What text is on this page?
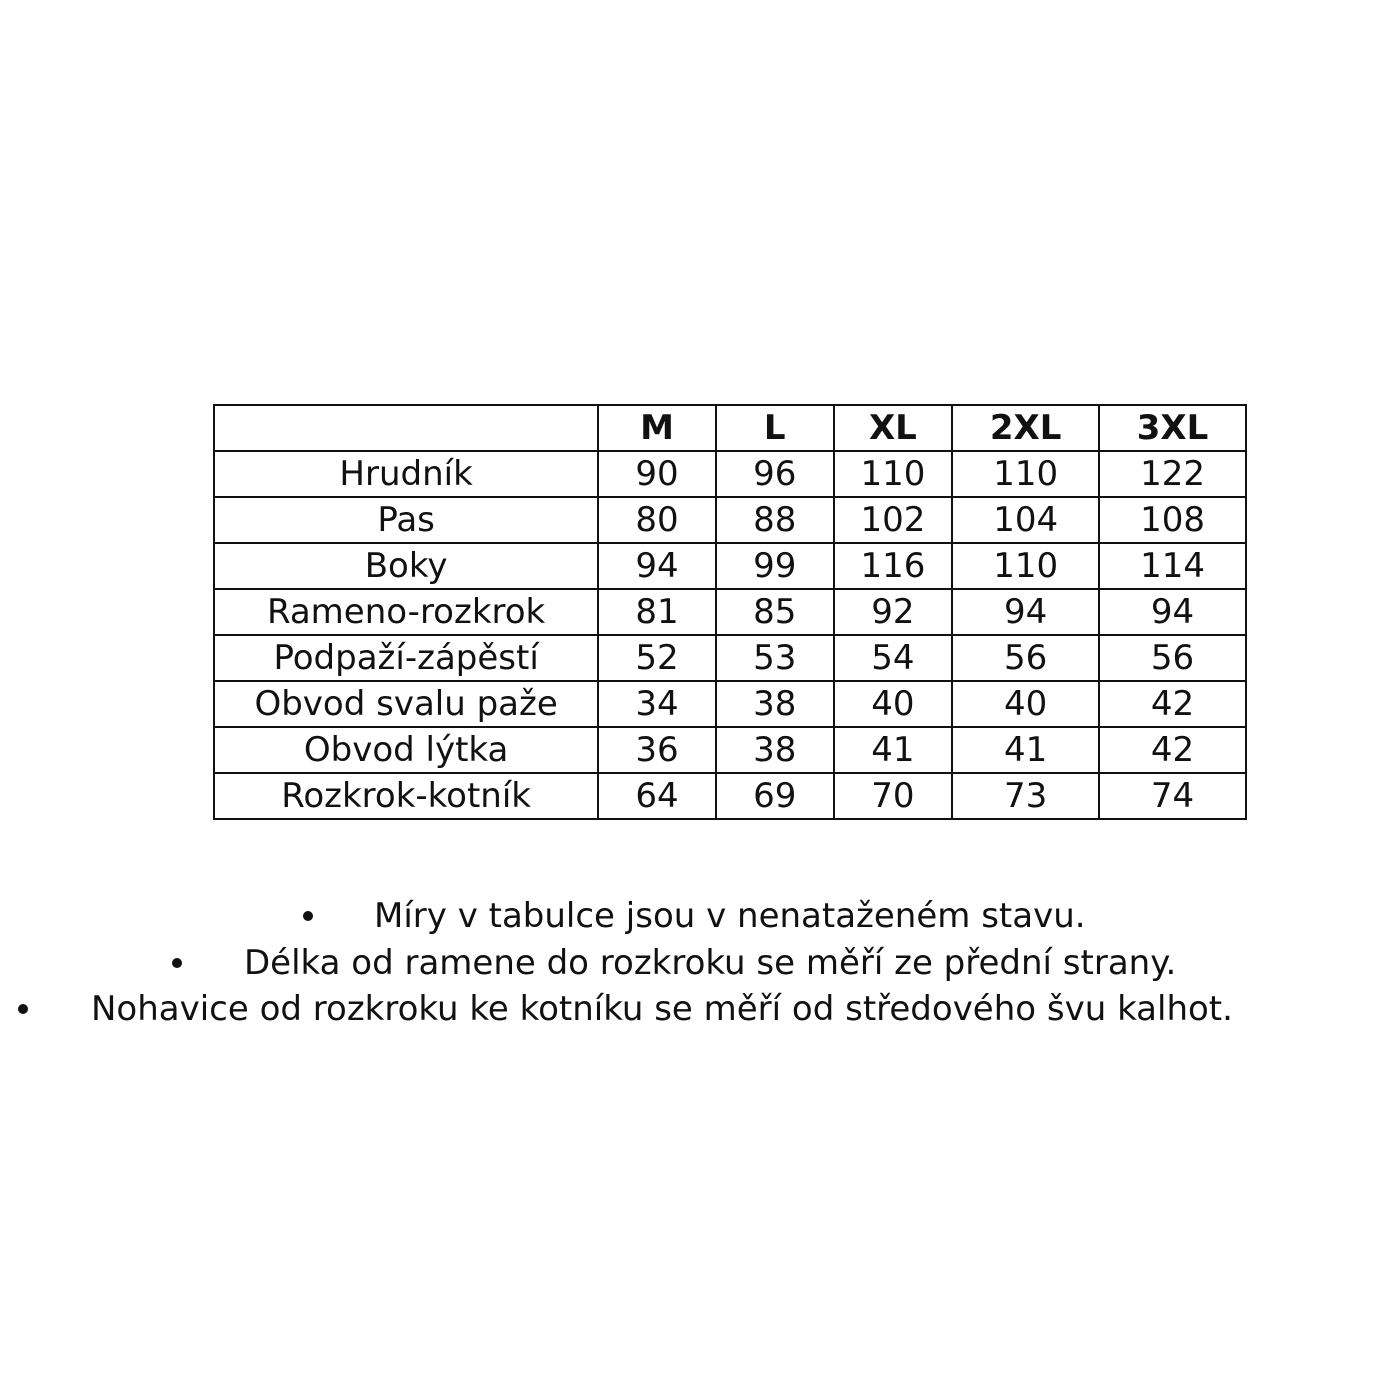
	M	L	XL	2XL	3XL
Hrudník	90	96	110	110	122
Pas	80	88	102	104	108
Boky	94	99	116	110	114
Rameno-rozkrok	81	85	92	94	94
Podpaží-zápěstí	52	53	54	56	56
Obvod svalu paže	34	38	40	40	42
Obvod lýtka	36	38	41	41	42
Rozkrok-kotník	64	69	70	73	74
Míry v tabulce jsou v nenataženém stavu.
Délka od ramene do rozkroku se měří ze přední strany.
Nohavice od rozkroku ke kotníku se měří od středového švu kalhot.
